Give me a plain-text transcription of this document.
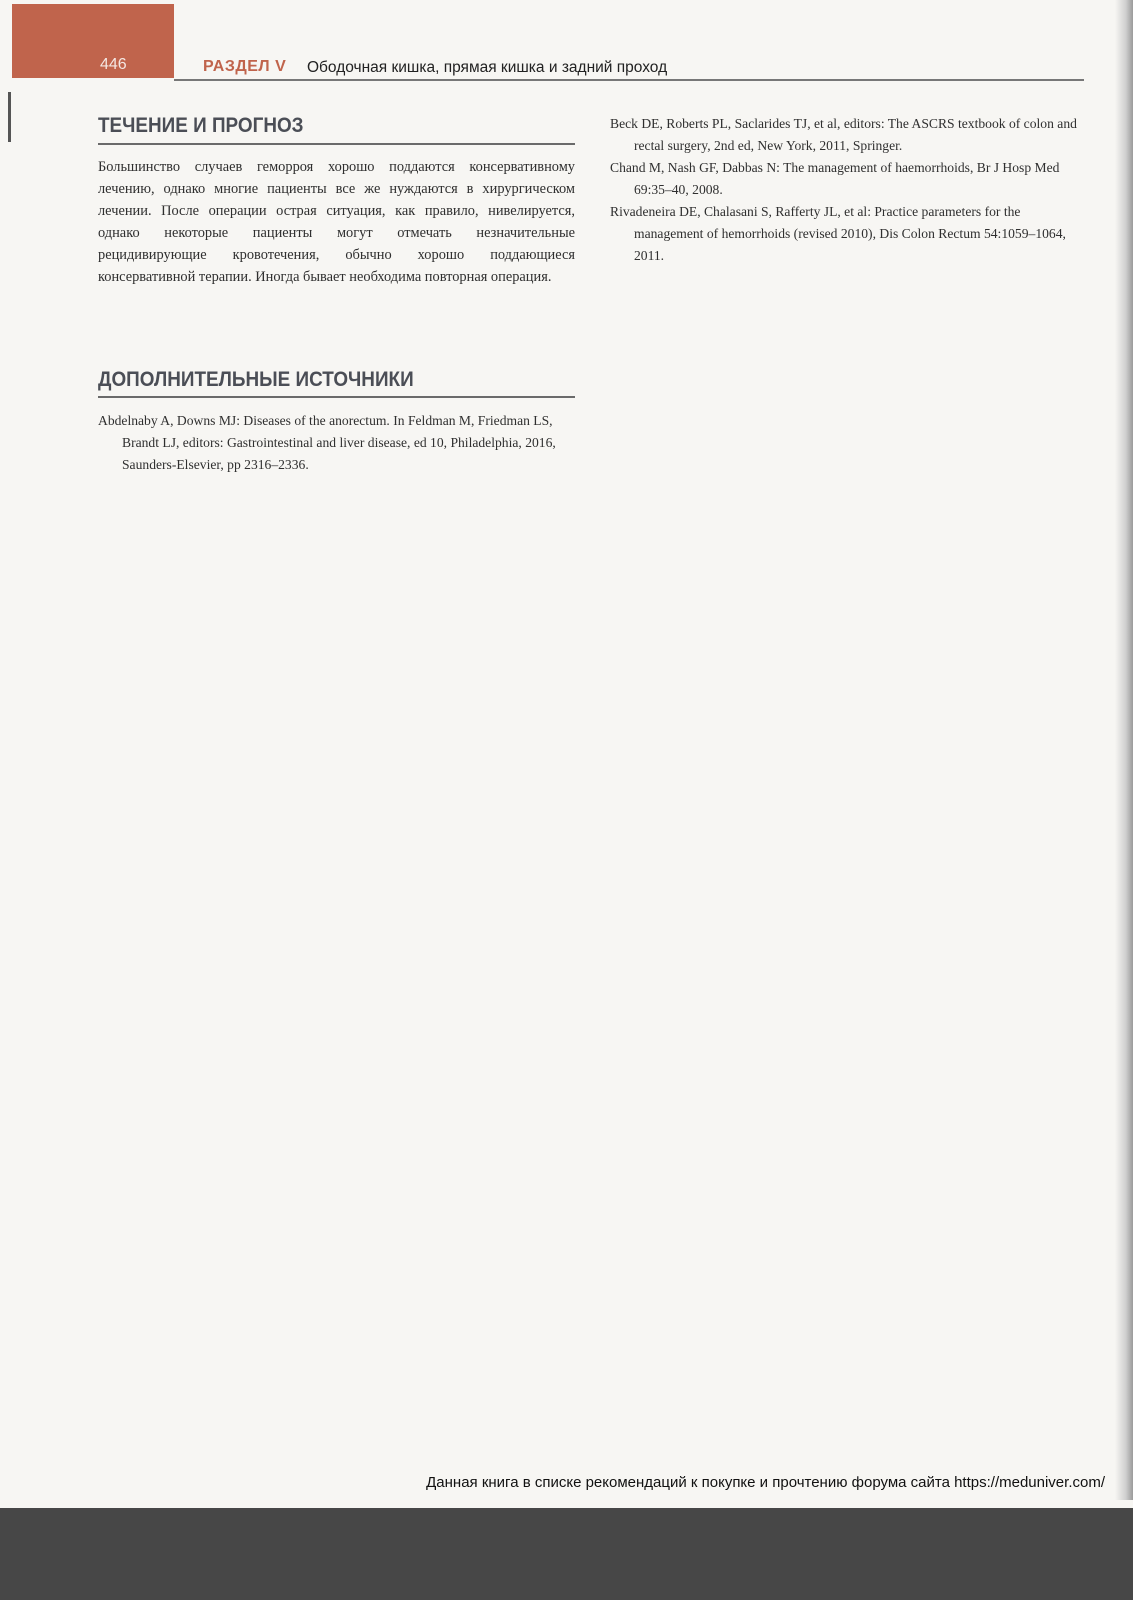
446	РАЗДЕЛ V Ободочная кишка, прямая кишка и задний проход
ТЕЧЕНИЕ И ПРОГНОЗ

Большинство случаев геморроя хорошо поддаются консервативному лечению, однако многие пациенты все же нуждаются в хирургическом лечении. После операции острая ситуация, как правило, нивелируется, однако некоторые пациенты могут отмечать незначительные рецидивирующие кровотечения, обычно хорошо поддающиеся консервативной терапии. Иногда бывает необходима повторная операция.

ДОПОЛНИТЕЛЬНЫЕ ИСТОЧНИКИ
Abdelnaby A, Downs MJ: Diseases of the anorectum. In Feldman M, Friedman LS, Brandt LJ, editors: Gastrointestinal and liver disease, ed 10, Philadelphia, 2016, Saunders-Elsevier, pp 2316–2336.
Beck DE, Roberts PL, Saclarides TJ, et al, editors: The ASCRS textbook of colon and rectal surgery, 2nd ed, New York, 2011, Springer.
Chand M, Nash GF, Dabbas N: The management of haemorrhoids, Br J Hosp Med 69:35–40, 2008.
Rivadeneira DE, Chalasani S, Rafferty JL, et al: Practice parameters for the management of hemorrhoids (revised 2010), Dis Colon Rectum 54:1059–1064, 2011.
Данная книга в списке рекомендаций к покупке и прочтению форума сайта https://meduniver.com/
